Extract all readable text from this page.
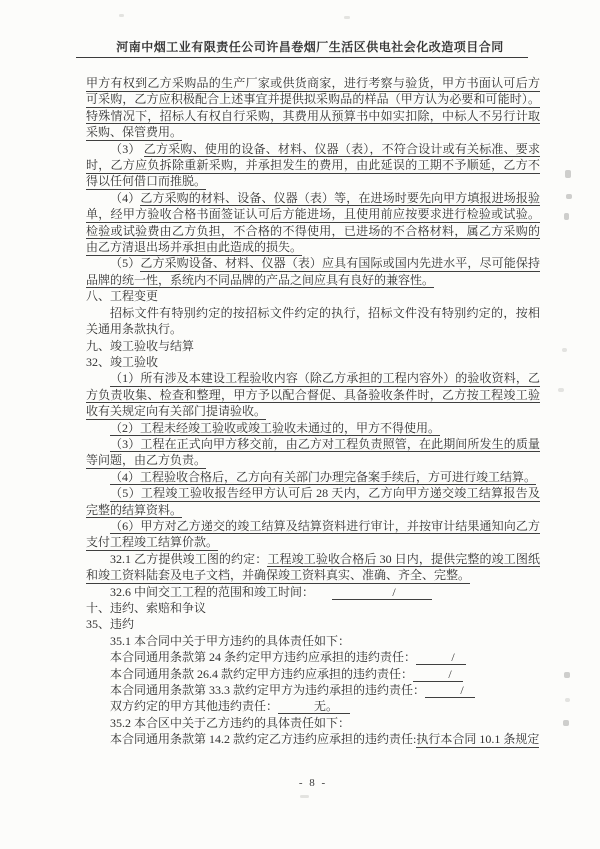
河南中烟工业有限责任公司许昌卷烟厂生活区供电社会化改造项目合同

甲方有权到乙方采购品的生产厂家或供货商家，进行考察与验货，甲方书面认可后方可采购，乙方应积极配合上述事宜并提供拟采购品的样品（甲方认为必要和可能时）。特殊情况下，招标人有权自行采购，其费用从预算书中如实扣除，中标人不另行计取采购、保管费用。

（3） 乙方采购、使用的设备、材料、仪器（表），不符合设计或有关标准、要求时，乙方应负拆除重新采购，并承担发生的费用，由此延误的工期不予顺延，乙方不得以任何借口而推脱。

（4）乙方采购的材料、设备、仪器（表）等，在进场时要先向甲方填报进场报验单，经甲方验收合格书面签证认可后方能进场，且使用前应按要求进行检验或试验。检验或试验费由乙方负担，不合格的不得使用，已进场的不合格材料，属乙方采购的由乙方清退出场并承担由此造成的损失。

（5）乙方采购设备、材料、仪器（表）应具有国际或国内先进水平，尽可能保持品牌的统一性，系统内不同品牌的产品之间应具有良好的兼容性。

八、工程变更

招标文件有特别约定的按招标文件约定的执行，招标文件没有特别约定的，按相关通用条款执行。

九、竣工验收与结算

32、竣工验收

（1）所有涉及本建设工程验收内容（除乙方承担的工程内容外）的验收资料，乙方负责收集、检查和整理，甲方予以配合督促、具备验收条件时，乙方按工程竣工验收有关规定向有关部门提请验收。

（2）工程未经竣工验收或竣工验收未通过的，甲方不得使用。

（3）工程在正式向甲方移交前，由乙方对工程负责照管，在此期间所发生的质量等问题，由乙方负责。

（4）工程验收合格后，乙方向有关部门办理完备案手续后，方可进行竣工结算。

（5）工程竣工验收报告经甲方认可后 28 天内，乙方向甲方递交竣工结算报告及完整的结算资料。

（6）甲方对乙方递交的竣工结算及结算资料进行审计，并按审计结果通知向乙方支付工程竣工结算价款。

32.1 乙方提供竣工图的约定：工程竣工验收合格后 30 日内，提供完整的竣工图纸和竣工资料陆套及电子文档，并确保竣工资料真实、准确、齐全、完整。

32.6 中间交工工程的范围和竣工时间：　　	/

十、违约、索赔和争议

35、违约

35.1 本合同中关于甲方违约的具体责任如下：

本合同通用条款第 24 条约定甲方违约应承担的违约责任：	/

本合同通用条款 26.4 款约定甲方违约应承担的违约责任：	/

本合同通用条款第 33.3 款约定甲方为违约承担的违约责任：	/

双方约定的甲方其他违约责任：	无。

35.2 本合区中关于乙方违约的具体责任如下：

本合同通用条款第 14.2 款约定乙方违约应承担的违约责任:执行本合同 10.1 条规定

- 8 -
